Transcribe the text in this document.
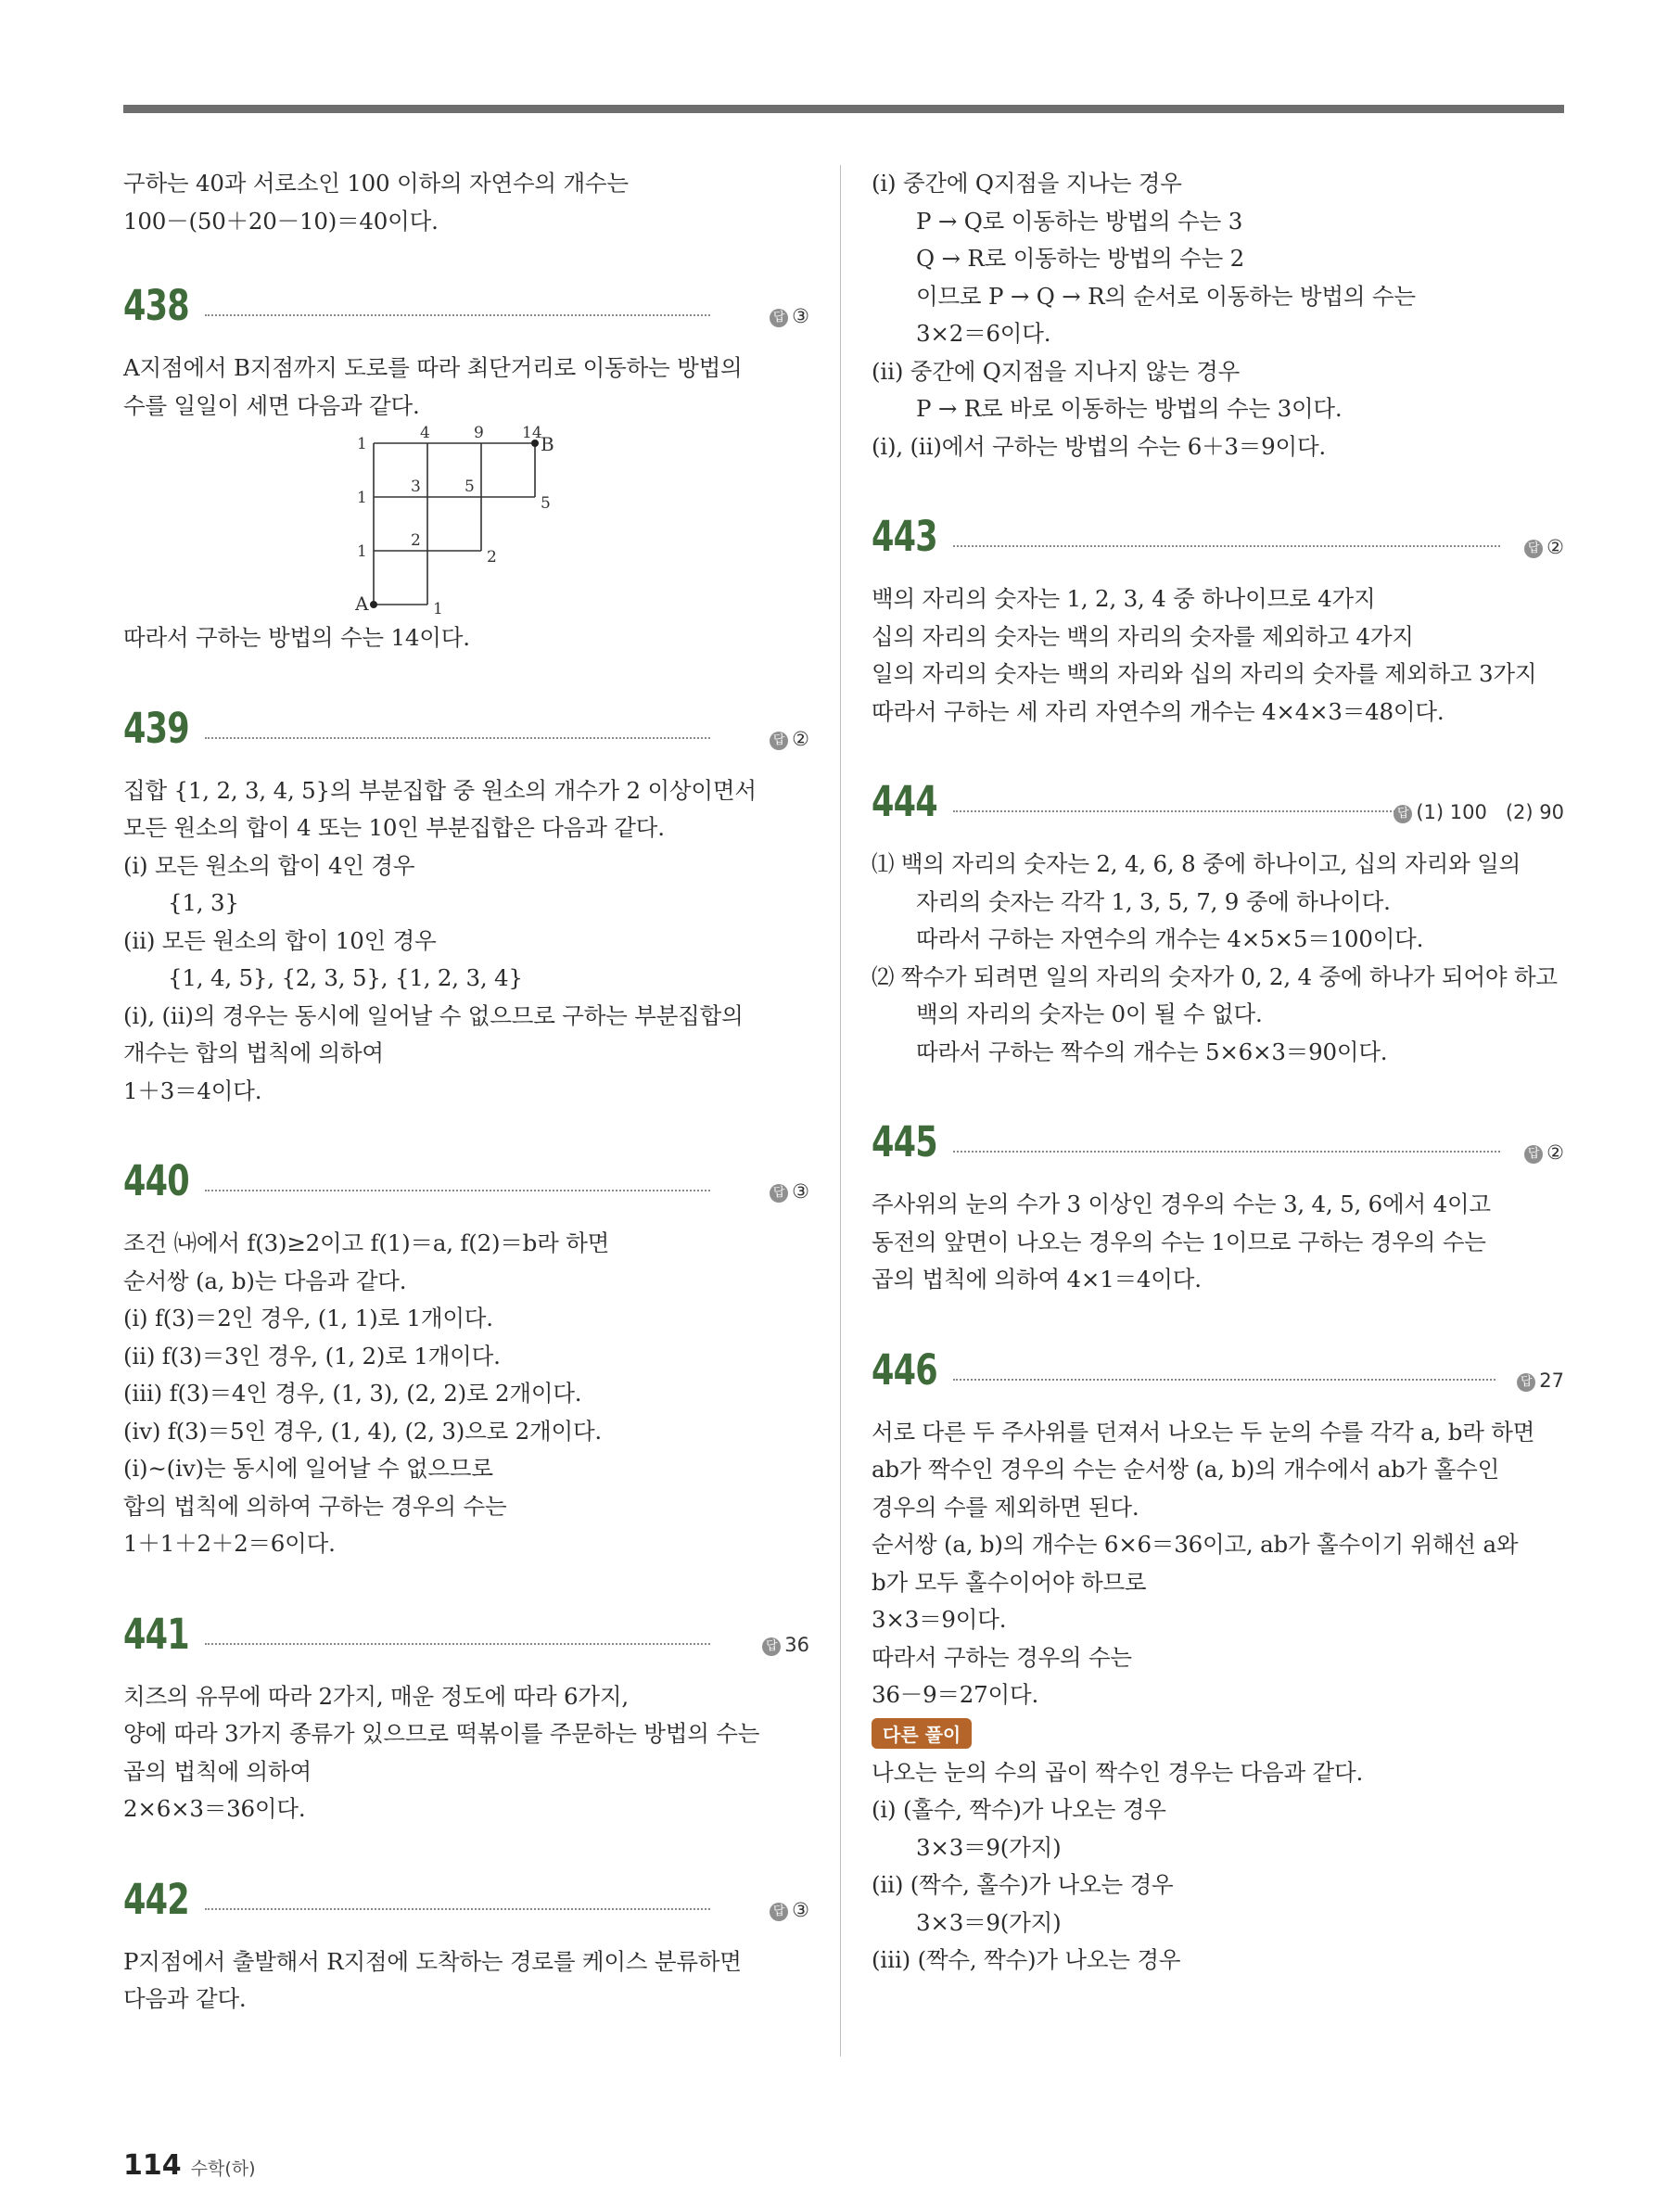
구하는 40과 서로소인 100 이하의 자연수의 개수는
100－(50＋20－10)＝40이다.
438	답 ③
A지점에서 B지점까지 도로를 따라 최단거리로 이동하는 방법의
수를 일일이 세면 다음과 같다.
1
4	9 14
B
1
3	5
5
1
2
2
A	1
따라서 구하는 방법의 수는 14이다.
439	답 ②
집합 {1, 2, 3, 4, 5}의 부분집합 중 원소의 개수가 2 이상이면서
모든 원소의 합이 4 또는 10인 부분집합은 다음과 같다.
(ⅰ) 모든 원소의 합이 4인 경우
{1, 3}
(ⅱ) 모든 원소의 합이 10인 경우
{1, 4, 5}, {2, 3, 5}, {1, 2, 3, 4}
(ⅰ), (ⅱ)의 경우는 동시에 일어날 수 없으므로 구하는 부분집합의
개수는 합의 법칙에 의하여
1＋3＝4이다.
440	답 ③
조건 ㈏에서 f(3)≥2이고 f(1)＝a, f(2)＝b라 하면
순서쌍 (a, b)는 다음과 같다.
(ⅰ) f(3)＝2인 경우, (1, 1)로 1개이다.
(ⅱ) f(3)＝3인 경우, (1, 2)로 1개이다.
(ⅲ) f(3)＝4인 경우, (1, 3), (2, 2)로 2개이다.
(ⅳ) f(3)＝5인 경우, (1, 4), (2, 3)으로 2개이다.
(ⅰ)~(ⅳ)는 동시에 일어날 수 없으므로
합의 법칙에 의하여 구하는 경우의 수는
1＋1＋2＋2＝6이다.
441	답 36
치즈의 유무에 따라 2가지, 매운 정도에 따라 6가지,
양에 따라 3가지 종류가 있으므로 떡볶이를 주문하는 방법의 수는
곱의 법칙에 의하여
2×6×3＝36이다.
442	답 ③
P지점에서 출발해서 R지점에 도착하는 경로를 케이스 분류하면
다음과 같다.
(ⅰ) 중간에 Q지점을 지나는 경우
P → Q로 이동하는 방법의 수는 3
Q → R로 이동하는 방법의 수는 2
이므로 P → Q → R의 순서로 이동하는 방법의 수는
3×2＝6이다.
(ⅱ) 중간에 Q지점을 지나지 않는 경우
P → R로 바로 이동하는 방법의 수는 3이다.
(ⅰ), (ⅱ)에서 구하는 방법의 수는 6＋3＝9이다.
443	답 ②
백의 자리의 숫자는 1, 2, 3, 4 중 하나이므로 4가지
십의 자리의 숫자는 백의 자리의 숫자를 제외하고 4가지
일의 자리의 숫자는 백의 자리와 십의 자리의 숫자를 제외하고 3가지
따라서 구하는 세 자리 자연수의 개수는 4×4×3＝48이다.
444	답 (1) 100   (2) 90
⑴ 백의 자리의 숫자는 2, 4, 6, 8 중에 하나이고, 십의 자리와 일의
자리의 숫자는 각각 1, 3, 5, 7, 9 중에 하나이다.
따라서 구하는 자연수의 개수는 4×5×5＝100이다.
⑵ 짝수가 되려면 일의 자리의 숫자가 0, 2, 4 중에 하나가 되어야 하고
백의 자리의 숫자는 0이 될 수 없다.
따라서 구하는 짝수의 개수는 5×6×3＝90이다.
445	답 ②
주사위의 눈의 수가 3 이상인 경우의 수는 3, 4, 5, 6에서 4이고
동전의 앞면이 나오는 경우의 수는 1이므로 구하는 경우의 수는
곱의 법칙에 의하여 4×1＝4이다.
446	답 27
서로 다른 두 주사위를 던져서 나오는 두 눈의 수를 각각 a, b라 하면
ab가 짝수인 경우의 수는 순서쌍 (a, b)의 개수에서 ab가 홀수인
경우의 수를 제외하면 된다.
순서쌍 (a, b)의 개수는 6×6＝36이고, ab가 홀수이기 위해선 a와
b가 모두 홀수이어야 하므로
3×3＝9이다.
따라서 구하는 경우의 수는
36－9＝27이다.
다른 풀이
나오는 눈의 수의 곱이 짝수인 경우는 다음과 같다.
(ⅰ) (홀수, 짝수)가 나오는 경우
3×3＝9(가지)
(ⅱ) (짝수, 홀수)가 나오는 경우
3×3＝9(가지)
(ⅲ) (짝수, 짝수)가 나오는 경우
114 수학(하)
